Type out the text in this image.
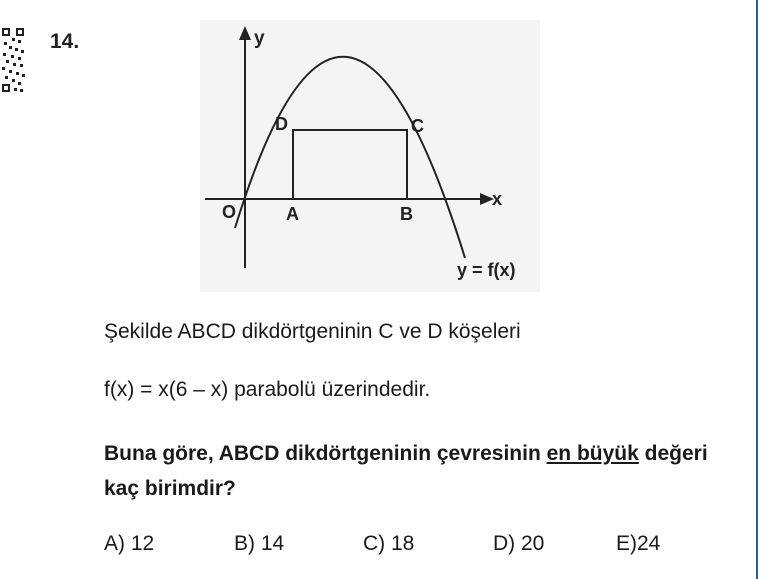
14.	y
x
O	A	B
C
D
y = f(x)
Şekilde ABCD dikdörtgeninin C ve D köşeleri
f(x) = x(6 – x) parabolü üzerindedir.
Buna göre, ABCD dikdörtgeninin çevresinin en büyük değeri kaç birimdir?
A) 12	B) 14	C) 18	D) 20	E)24
